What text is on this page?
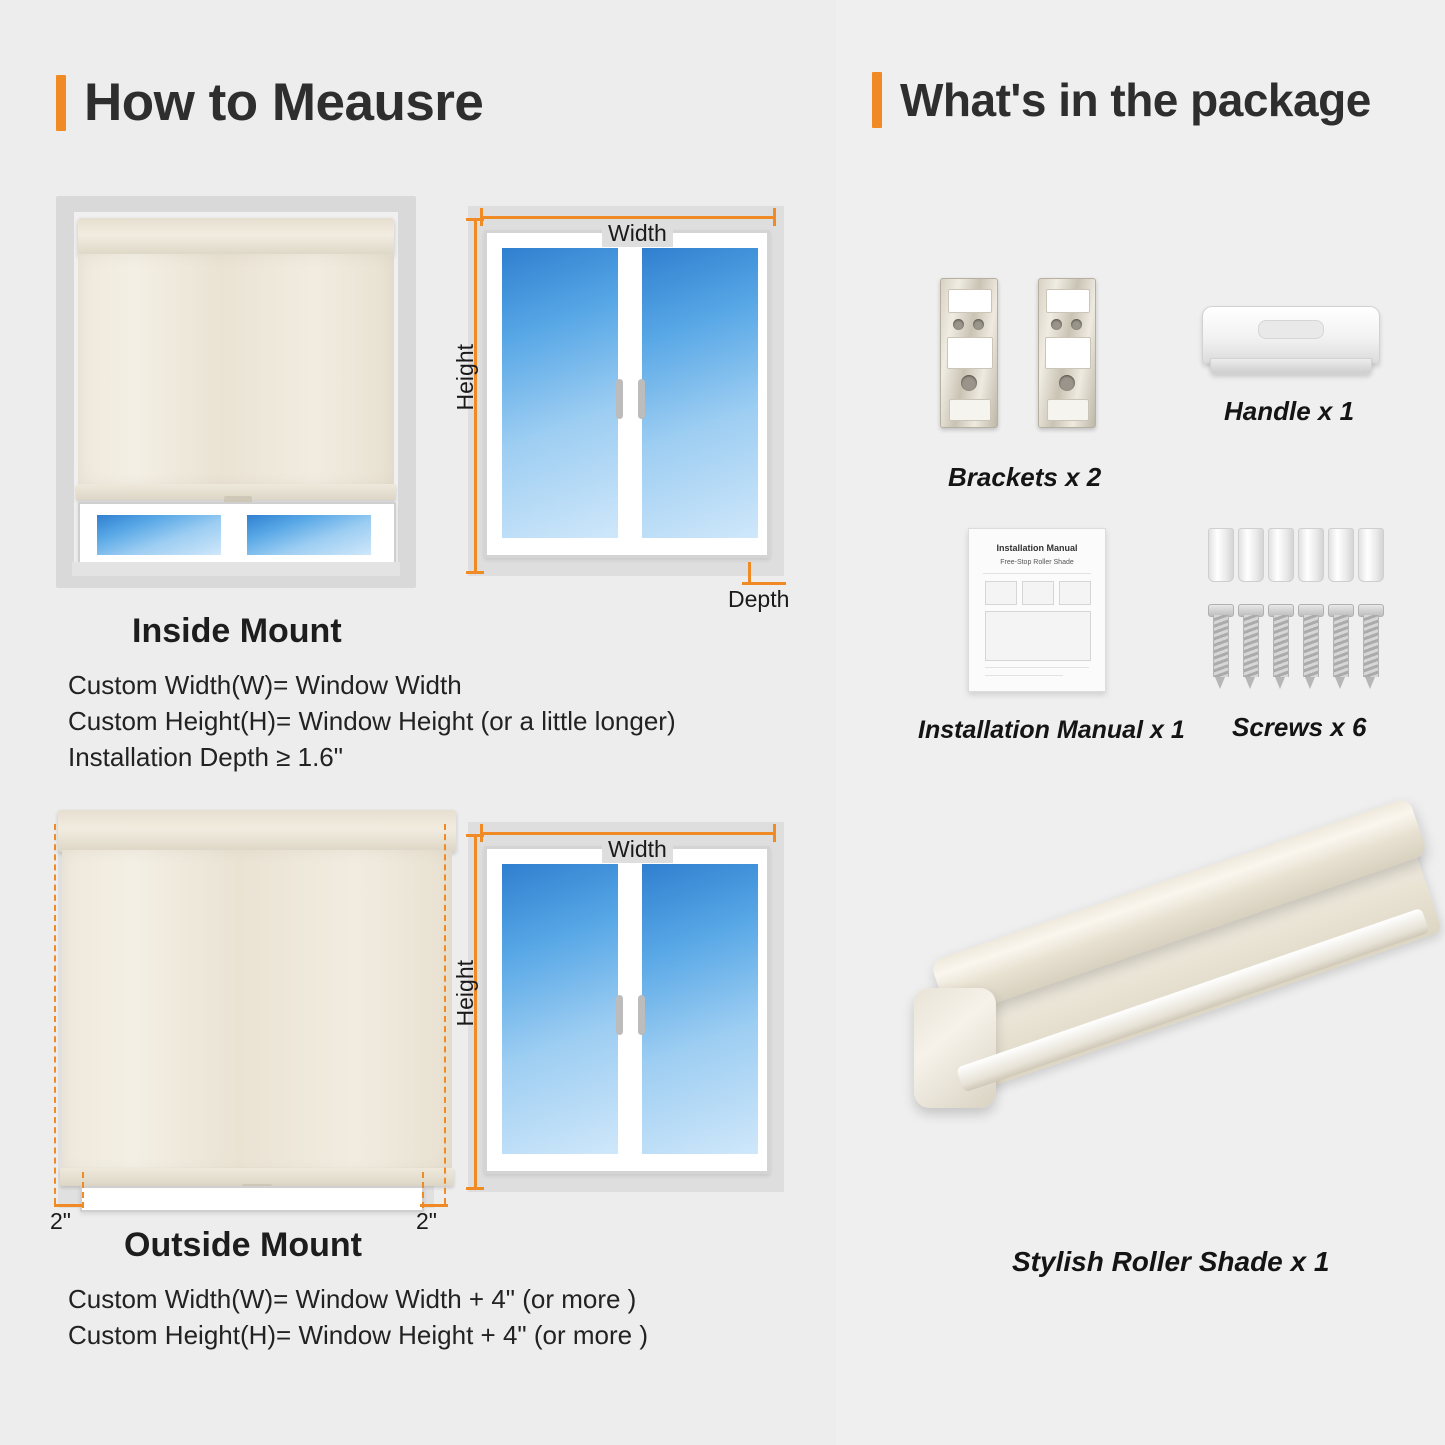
How to Meausre
Width
Height
Depth
Inside Mount
Custom Width(W)= Window Width
Custom Height(H)= Window Height (or a little longer)
Installation Depth ≥ 1.6"
2"	2"
Width
Height
Outside Mount
Custom Width(W)= Window Width + 4" (or more )
Custom Height(H)= Window Height + 4" (or more )
What's in the package
Brackets x 2
Handle x 1
Installation Manual
Free-Stop Roller Shade
Installation Manual x 1 Screws x 6
Stylish Roller Shade x 1
